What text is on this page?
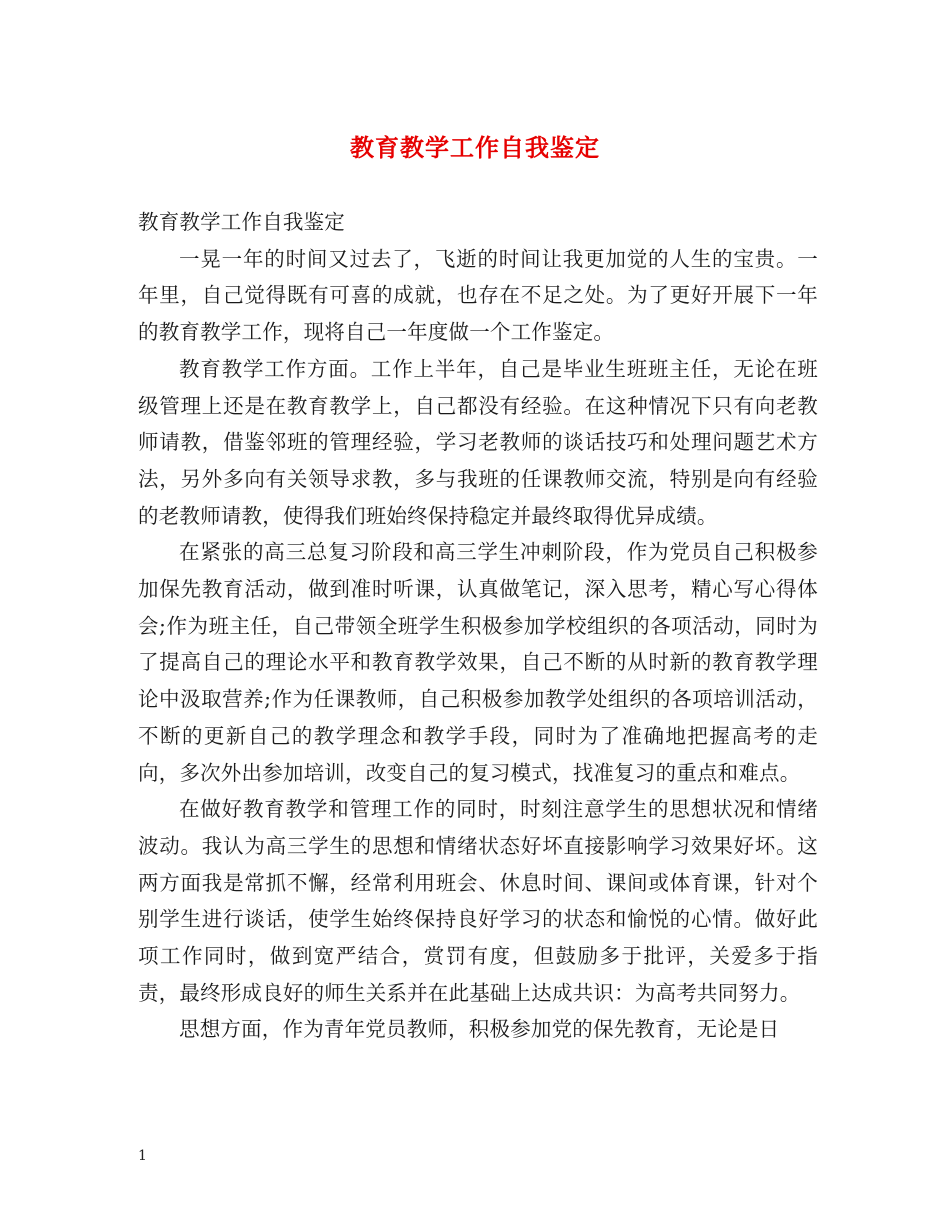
教育教学工作自我鉴定

教育教学工作自我鉴定

一晃一年的时间又过去了，飞逝的时间让我更加觉的人生的宝贵。一年里，自己觉得既有可喜的成就，也存在不足之处。为了更好开展下一年的教育教学工作，现将自己一年度做一个工作鉴定。

教育教学工作方面。工作上半年，自己是毕业生班班主任，无论在班级管理上还是在教育教学上，自己都没有经验。在这种情况下只有向老教师请教，借鉴邻班的管理经验，学习老教师的谈话技巧和处理问题艺术方法，另外多向有关领导求教，多与我班的任课教师交流，特别是向有经验的老教师请教，使得我们班始终保持稳定并最终取得优异成绩。

在紧张的高三总复习阶段和高三学生冲刺阶段，作为党员自己积极参加保先教育活动，做到准时听课，认真做笔记，深入思考，精心写心得体会;作为班主任，自己带领全班学生积极参加学校组织的各项活动，同时为了提高自己的理论水平和教育教学效果，自己不断的从时新的教育教学理论中汲取营养;作为任课教师，自己积极参加教学处组织的各项培训活动，不断的更新自己的教学理念和教学手段，同时为了准确地把握高考的走向，多次外出参加培训，改变自己的复习模式，找准复习的重点和难点。

在做好教育教学和管理工作的同时，时刻注意学生的思想状况和情绪波动。我认为高三学生的思想和情绪状态好坏直接影响学习效果好坏。这两方面我是常抓不懈，经常利用班会、休息时间、课间或体育课，针对个别学生进行谈话，使学生始终保持良好学习的状态和愉悦的心情。做好此项工作同时，做到宽严结合，赏罚有度，但鼓励多于批评，关爱多于指责，最终形成良好的师生关系并在此基础上达成共识：为高考共同努力。

思想方面，作为青年党员教师，积极参加党的保先教育，无论是日

1
